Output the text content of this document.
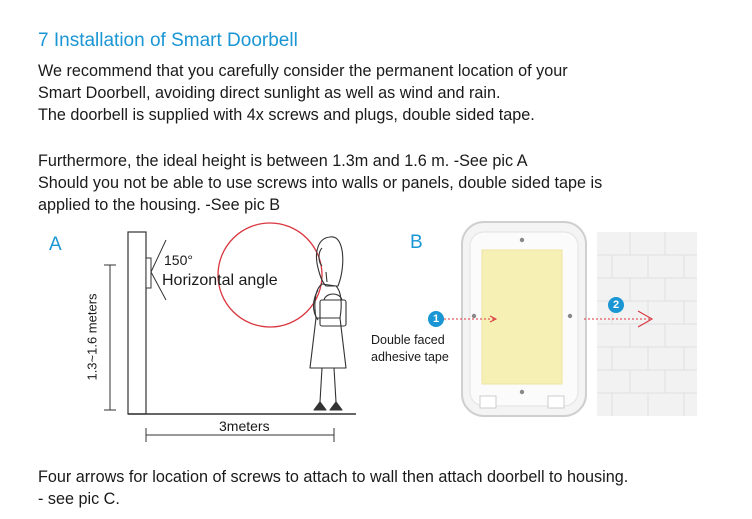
7 Installation of Smart Doorbell
We recommend that you carefully consider the permanent location of your
Smart Doorbell, avoiding direct sunlight as well as wind and rain.
The doorbell is supplied with 4x screws and plugs, double sided tape.
Furthermore, the ideal height is between 1.3m and 1.6 m. -See pic A
Should you not be able to use screws into walls or panels, double sided tape is
applied to the housing. -See pic B
A	B
150°
Horizontal angle
1.3~1.6 meters
3meters
1
2
Double faced
adhesive tape
Four arrows for location of screws to attach to wall then attach doorbell to housing.
- see pic C.
